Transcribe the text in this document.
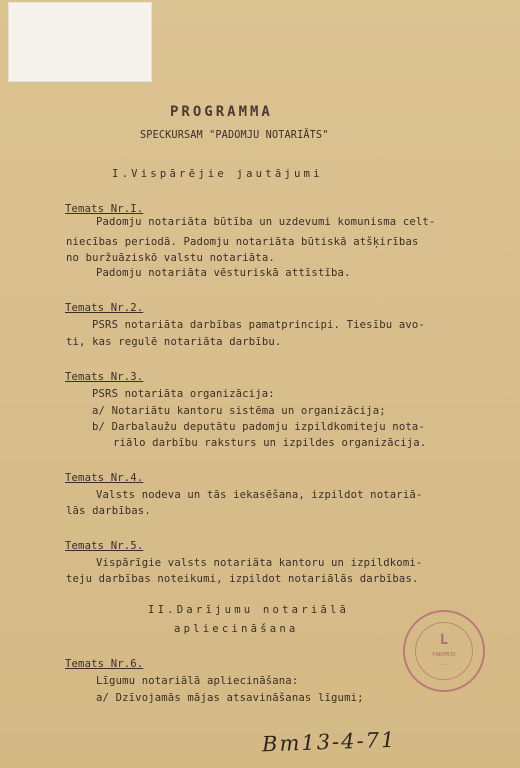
PROGRAMMA
SPECKURSAM "PADOMJU NOTARIĀTS"
I.Vispārējie jautājumi
Temats Nr.I.
Padomju notariāta būtība un uzdevumi komunisma celt-
niecības periodā. Padomju notariāta būtiskā atšķirības
no buržuāziskō valstu notariāta.
Padomju notariāta vēsturiskā attīstība.
Temats Nr.2.
PSRS notariāta darbības pamatprincipi. Tiesību avo-
ti, kas regulē notariāta darbību.
Temats Nr.3.
PSRS notariāta organizācija:
a/ Notariātu kantoru sistēma un organizācija;
b/ Darbalaužu deputātu padomju izpildkomiteju nota-
riālo darbību raksturs un izpildes organizācija.
Temats Nr.4.
Valsts nodeva un tās iekasēšana, izpildot notariā-
lās darbības.
Temats Nr.5.
Vispārīgie valsts notariāta kantoru un izpildkomi-
teju darbības noteikumi, izpildot notariālās darbības.
II.Darījumu notariālā
apliecināšana
Temats Nr.6.
Līgumu notariālā apliecināšana:
a/ Dzīvojamās mājas atsavināšanas līgumi;
L
PADOMJU
...
Bm13-4-71
